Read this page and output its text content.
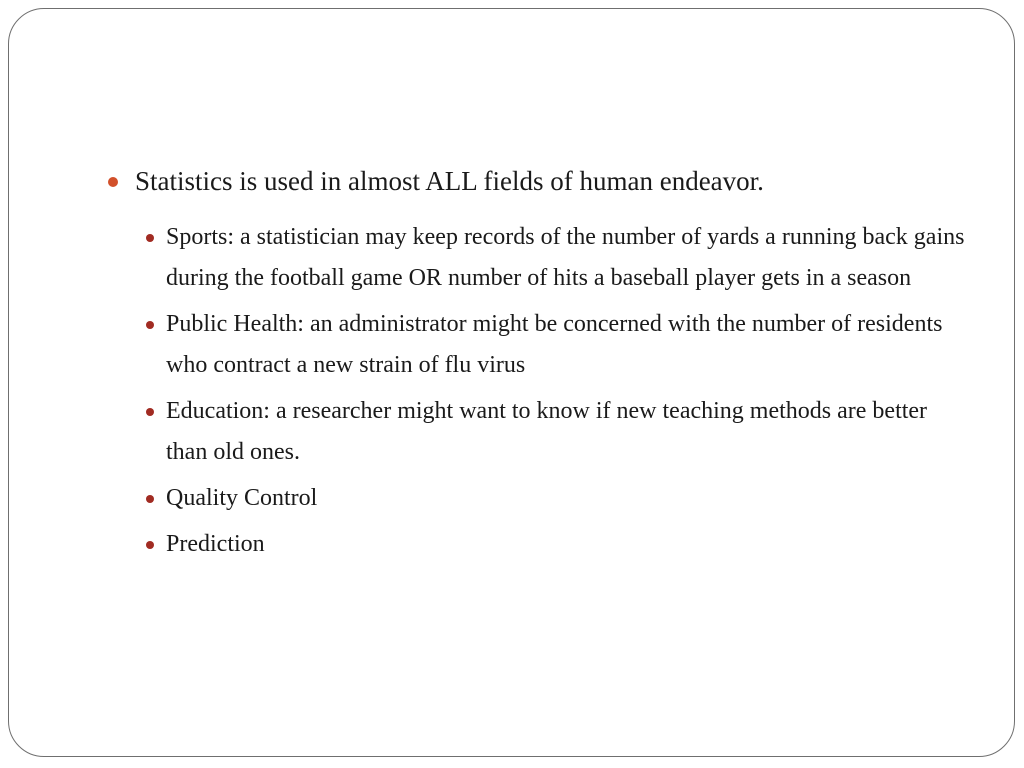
Statistics is used in almost ALL fields of human endeavor.
Sports: a statistician may keep records of the number of yards a running back gains during the football game OR number of hits a baseball player gets in a season
Public Health: an administrator might be concerned with the number of residents who contract a new strain of flu virus
Education: a researcher might want to know if new teaching methods are better than old ones.
Quality Control
Prediction
